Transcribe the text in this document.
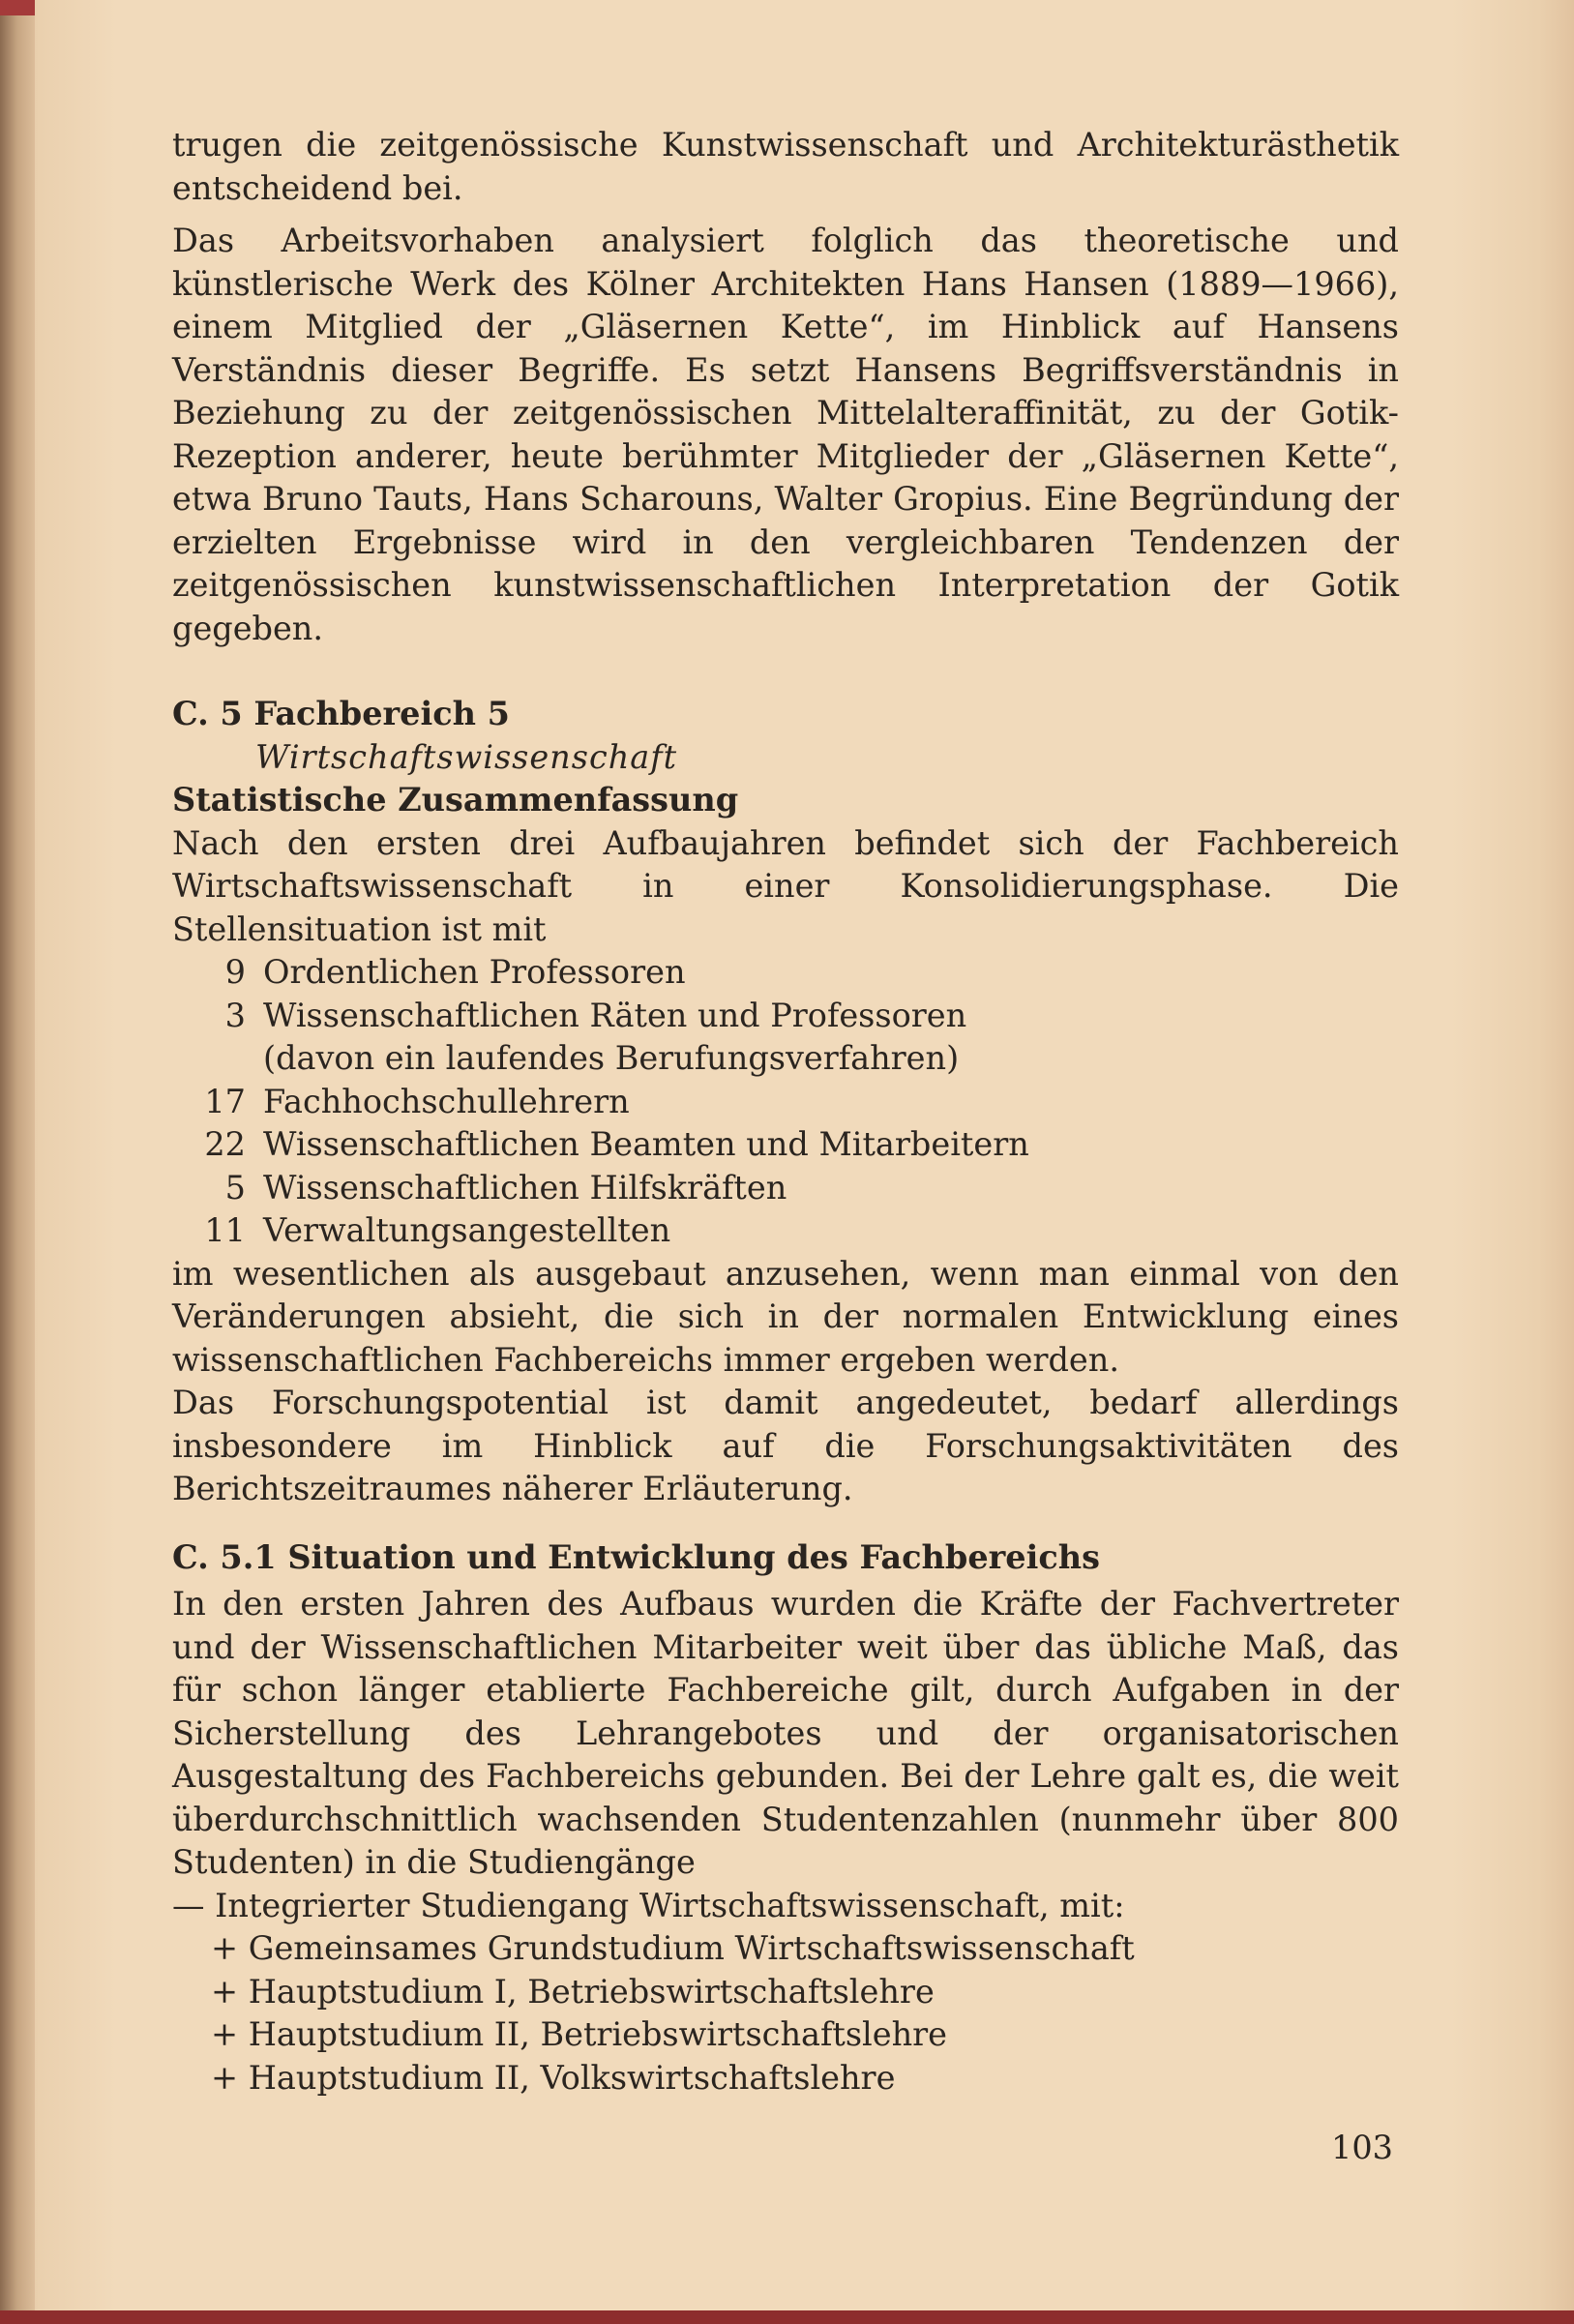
trugen die zeitgenössische Kunstwissenschaft und Architekturästhetik entscheidend bei.

Das Arbeitsvorhaben analysiert folglich das theoretische und künstlerische Werk des Kölner Architekten Hans Hansen (1889—1966), einem Mitglied der „Gläsernen Kette“, im Hinblick auf Hansens Verständnis dieser Begriffe. Es setzt Hansens Begriffsverständnis in Beziehung zu der zeitgenössischen Mittelalteraffinität, zu der Gotik-Rezeption anderer, heute berühmter Mitglieder der „Gläsernen Kette“, etwa Bruno Tauts, Hans Scharouns, Walter Gropius. Eine Begründung der erzielten Ergebnisse wird in den vergleichbaren Tendenzen der zeitgenössischen kunstwissenschaftlichen Interpretation der Gotik gegeben.

C. 5 Fachbereich 5

Wirtschaftswissenschaft

Statistische Zusammenfassung

Nach den ersten drei Aufbaujahren befindet sich der Fachbereich Wirtschaftswissenschaft in einer Konsolidierungsphase. Die Stellensituation ist mit

9 Ordentlichen Professoren
3 Wissenschaftlichen Räten und Professoren

(davon ein laufendes Berufungsverfahren)

17 Fachhochschullehrern
22 Wissenschaftlichen Beamten und Mitarbeitern
5 Wissenschaftlichen Hilfskräften
11 Verwaltungsangestellten

im wesentlichen als ausgebaut anzusehen, wenn man einmal von den Veränderungen absieht, die sich in der normalen Entwicklung eines wissenschaftlichen Fachbereichs immer ergeben werden.

Das Forschungspotential ist damit angedeutet, bedarf allerdings insbesondere im Hinblick auf die Forschungsaktivitäten des Berichtszeitraumes näherer Erläuterung.

C. 5.1 Situation und Entwicklung des Fachbereichs

In den ersten Jahren des Aufbaus wurden die Kräfte der Fachvertreter und der Wissenschaftlichen Mitarbeiter weit über das übliche Maß, das für schon länger etablierte Fachbereiche gilt, durch Aufgaben in der Sicherstellung des Lehrangebotes und der organisatorischen Ausgestaltung des Fachbereichs gebunden. Bei der Lehre galt es, die weit überdurchschnittlich wachsenden Studentenzahlen (nunmehr über 800 Studenten) in die Studiengänge

— Integrierter Studiengang Wirtschaftswissenschaft, mit:

+ Gemeinsames Grundstudium Wirtschaftswissenschaft

+ Hauptstudium I, Betriebswirtschaftslehre

+ Hauptstudium II, Betriebswirtschaftslehre

+ Hauptstudium II, Volkswirtschaftslehre

103
